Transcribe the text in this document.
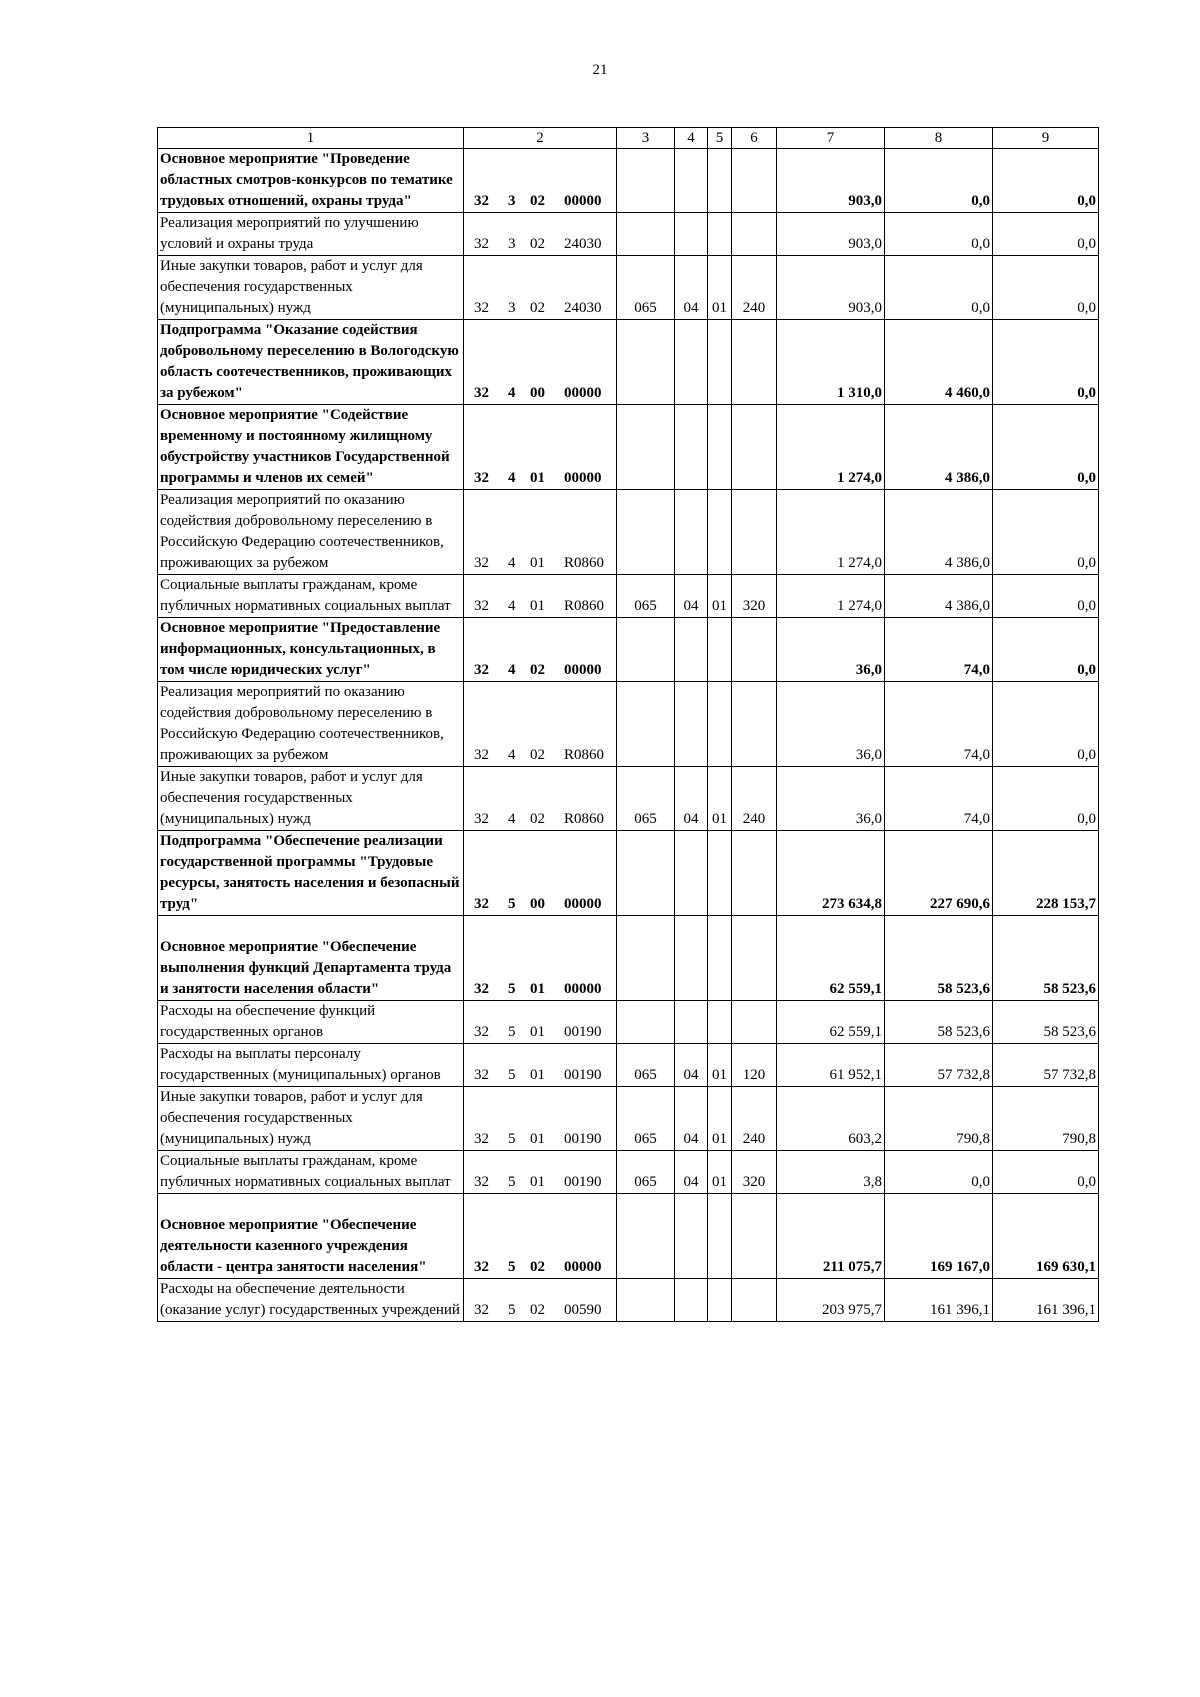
21
1	2	3	4	5	6	7	8	9
Основное мероприятие "Проведение областных смотров-конкурсов по тематике трудовых отношений, охраны труда"	32 3 02 00000					903,0	0,0	0,0
Реализация мероприятий по улучшению условий и охраны труда	32 3 02 24030					903,0	0,0	0,0
Иные закупки товаров, работ и услуг для обеспечения государственных (муниципальных) нужд	32 3 02 24030	065	04	01	240	903,0	0,0	0,0
Подпрограмма "Оказание содействия добровольному переселению в Вологодскую область соотечественников, проживающих за рубежом"	32 4 00 00000					1 310,0	4 460,0	0,0
Основное мероприятие "Содействие временному и постоянному жилищному обустройству участников Государственной программы и членов их семей"	32 4 01 00000					1 274,0	4 386,0	0,0
Реализация мероприятий по оказанию содействия добровольному переселению в Российскую Федерацию соотечественников, проживающих за рубежом	32 4 01 R0860					1 274,0	4 386,0	0,0
Социальные выплаты гражданам, кроме публичных нормативных социальных выплат	32 4 01 R0860	065	04	01	320	1 274,0	4 386,0	0,0
Основное мероприятие "Предоставление информационных, консультационных, в том числе юридических услуг"	32 4 02 00000					36,0	74,0	0,0
Реализация мероприятий по оказанию содействия добровольному переселению в Российскую Федерацию соотечественников, проживающих за рубежом	32 4 02 R0860					36,0	74,0	0,0
Иные закупки товаров, работ и услуг для обеспечения государственных (муниципальных) нужд	32 4 02 R0860	065	04	01	240	36,0	74,0	0,0
Подпрограмма "Обеспечение реализации государственной программы "Трудовые ресурсы, занятость населения и безопасный труд"	32 5 00 00000					273 634,8	227 690,6	228 153,7
Основное мероприятие "Обеспечение выполнения функций Департамента труда и занятости населения области"	32 5 01 00000					62 559,1	58 523,6	58 523,6
Расходы на обеспечение функций государственных органов	32 5 01 00190					62 559,1	58 523,6	58 523,6
Расходы на выплаты персоналу государственных (муниципальных) органов	32 5 01 00190	065	04	01	120	61 952,1	57 732,8	57 732,8
Иные закупки товаров, работ и услуг для обеспечения государственных (муниципальных) нужд	32 5 01 00190	065	04	01	240	603,2	790,8	790,8
Социальные выплаты гражданам, кроме публичных нормативных социальных выплат	32 5 01 00190	065	04	01	320	3,8	0,0	0,0
Основное мероприятие "Обеспечение деятельности казенного учреждения области - центра занятости населения"	32 5 02 00000					211 075,7	169 167,0	169 630,1
Расходы на обеспечение деятельности (оказание услуг) государственных учреждений	32 5 02 00590					203 975,7	161 396,1	161 396,1
